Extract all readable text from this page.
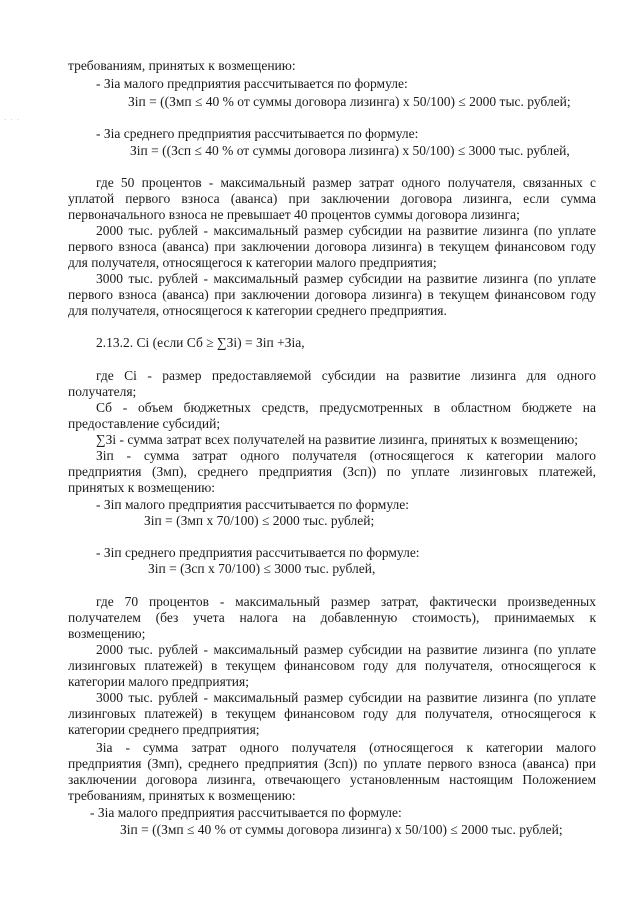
· · ·
требованиям, принятых к возмещению:
- Зiа малого предприятия рассчитывается по формуле:
Зiп = ((Змп ≤ 40 % от суммы договора лизинга) х 50/100) ≤ 2000 тыс. рублей;
- Зiа среднего предприятия рассчитывается по формуле:
Зiп = ((Зсп ≤ 40 % от суммы договора лизинга) х 50/100) ≤ 3000 тыс. рублей,
где 50 процентов - максимальный размер затрат одного получателя, связанных с
уплатой первого взноса (аванса) при заключении договора лизинга, если сумма
первоначального взноса не превышает 40 процентов суммы договора лизинга;
2000 тыс. рублей - максимальный размер субсидии на развитие лизинга (по уплате
первого взноса (аванса) при заключении договора лизинга) в текущем финансовом году
для получателя, относящегося к категории малого предприятия;
3000 тыс. рублей - максимальный размер субсидии на развитие лизинга (по уплате
первого взноса (аванса) при заключении договора лизинга) в текущем финансовом году
для получателя, относящегося к категории среднего предприятия.
2.13.2. Сi (если Сб ≥ ∑Зi) = Зiп +Зiа,
где Сi - размер предоставляемой субсидии на развитие лизинга для одного
получателя;
Сб - объем бюджетных средств, предусмотренных в областном бюджете на
предоставление субсидий;
∑Зi - сумма затрат всех получателей на развитие лизинга, принятых к возмещению;
Зiп - сумма затрат одного получателя (относящегося к категории малого
предприятия (Змп), среднего предприятия (Зсп)) по уплате лизинговых платежей,
принятых к возмещению:
- Зiп малого предприятия рассчитывается по формуле:
Зiп = (Змп х 70/100) ≤ 2000 тыс. рублей;
- Зiп среднего предприятия рассчитывается по формуле:
Зiп = (Зсп х 70/100) ≤ 3000 тыс. рублей,
где 70 процентов - максимальный размер затрат, фактически произведенных
получателем (без учета налога на добавленную стоимость), принимаемых к
возмещению;
2000 тыс. рублей - максимальный размер субсидии на развитие лизинга (по уплате
лизинговых платежей) в текущем финансовом году для получателя, относящегося к
категории малого предприятия;
3000 тыс. рублей - максимальный размер субсидии на развитие лизинга (по уплате
лизинговых платежей) в текущем финансовом году для получателя, относящегося к
категории среднего предприятия;
Зiа - сумма затрат одного получателя (относящегося к категории малого
предприятия (Змп), среднего предприятия (Зсп)) по уплате первого взноса (аванса) при
заключении договора лизинга, отвечающего установленным настоящим Положением
требованиям, принятых к возмещению:
- Зiа малого предприятия рассчитывается по формуле:
Зiп = ((Змп ≤ 40 % от суммы договора лизинга) х 50/100) ≤ 2000 тыс. рублей;
